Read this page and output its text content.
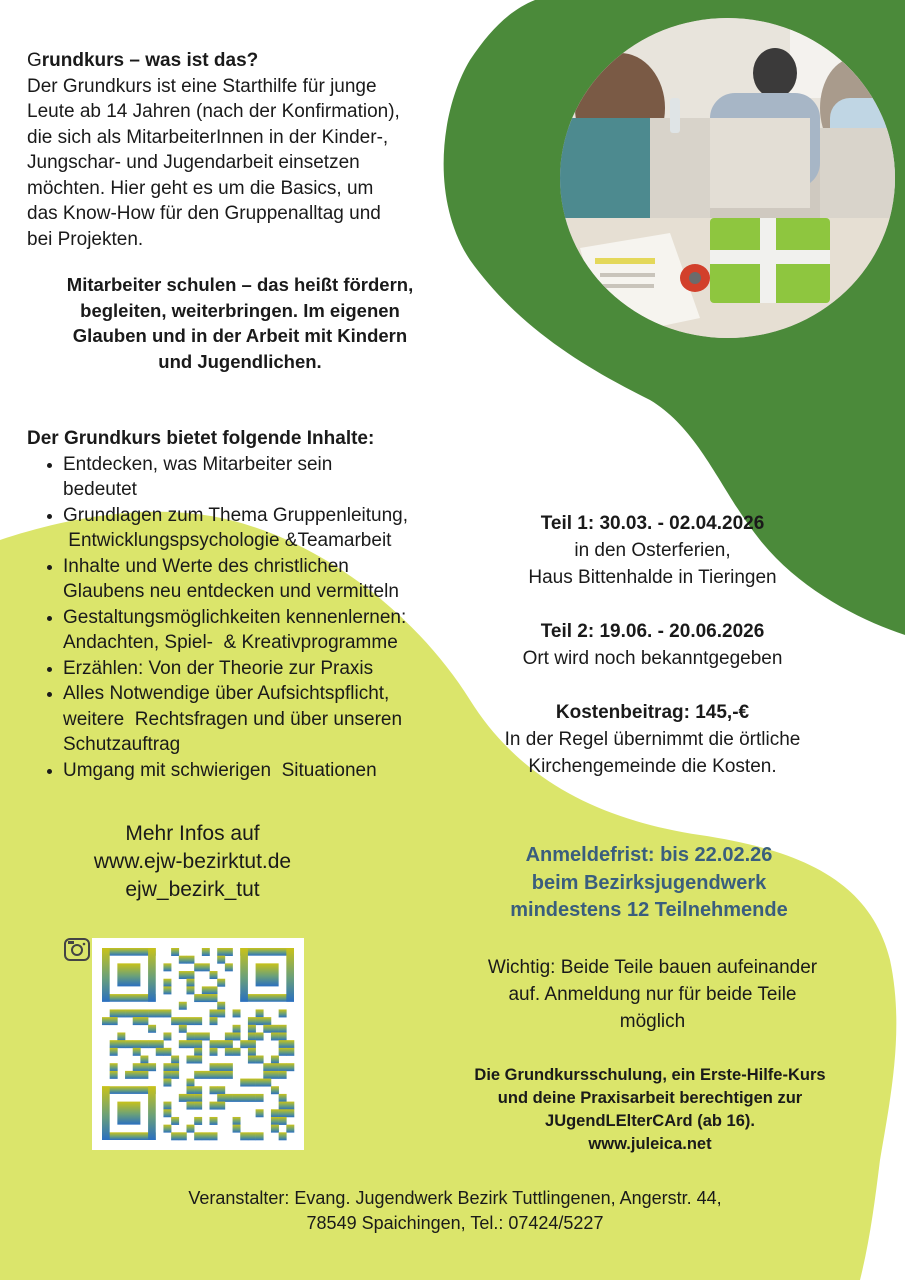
Grundkurs – was ist das?
Der Grundkurs ist eine Starthilfe für junge
Leute ab 14 Jahren (nach der Konfirmation),
die sich als MitarbeiterInnen in der Kinder-,
Jungschar- und Jugendarbeit einsetzen
möchten. Hier geht es um die Basics, um
das Know-How für den Gruppenalltag und
bei Projekten.
Mitarbeiter schulen – das heißt fördern,
begleiten, weiterbringen. Im eigenen
Glauben und in der Arbeit mit Kindern
und Jugendlichen.
Der Grundkurs bietet folgende Inhalte:
Entdecken, was Mitarbeiter sein
bedeutet
Grundlagen zum Thema Gruppenleitung,
Entwicklungspsychologie &Teamarbeit
Inhalte und Werte des christlichen
Glaubens neu entdecken und vermitteln
Gestaltungsmöglichkeiten kennenlernen:
Andachten, Spiel-  & Kreativprogramme
Erzählen: Von der Theorie zur Praxis
Alles Notwendige über Aufsichtspflicht,
weitere  Rechtsfragen und über unseren
Schutzauftrag
Umgang mit schwierigen  Situationen
Teil 1: 30.03. - 02.04.2026
in den Osterferien,
Haus Bittenhalde in Tieringen
Teil 2: 19.06. - 20.06.2026
Ort wird noch bekanntgegeben
Kostenbeitrag: 145,-€
In der Regel übernimmt die örtliche
Kirchengemeinde die Kosten.
Mehr Infos auf
www.ejw-bezirktut.de
ejw_bezirk_tut
Anmeldefrist: bis 22.02.26
beim Bezirksjugendwerk
mindestens 12 Teilnehmende
Wichtig: Beide Teile bauen aufeinander
auf. Anmeldung nur für beide Teile
möglich
Die Grundkursschulung, ein Erste-Hilfe-Kurs
und deine Praxisarbeit berechtigen zur
JUgendLElterCArd (ab 16).
www.juleica.net
Veranstalter: Evang. Jugendwerk Bezirk Tuttlingenen, Angerstr. 44,
78549 Spaichingen, Tel.: 07424/5227
